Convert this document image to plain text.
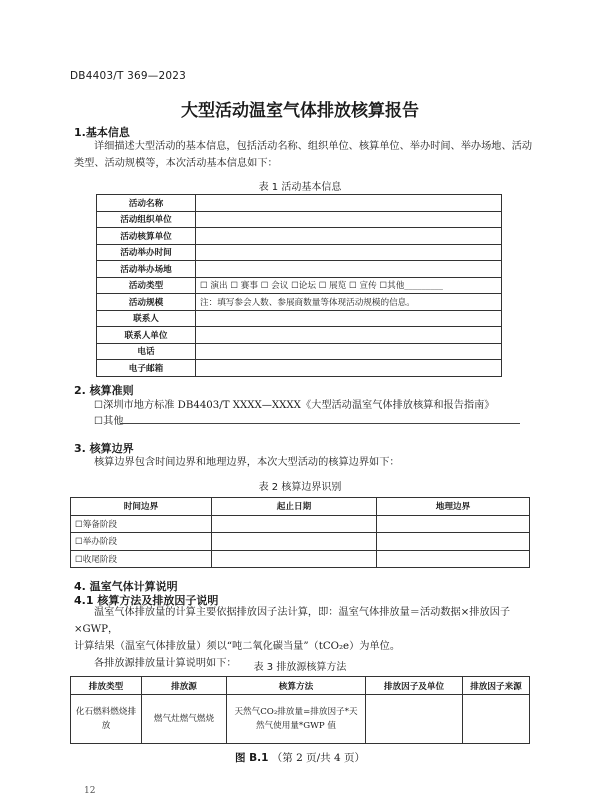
DB4403/T 369—2023
大型活动温室气体排放核算报告
1.基本信息
详细描述大型活动的基本信息，包括活动名称、组织单位、核算单位、举办时间、举办场地、活动
类型、活动规模等，本次活动基本信息如下：
表 1 活动基本信息
活动名称	
活动组织单位	
活动核算单位	
活动举办时间	
活动举办场地	
活动类型	☐ 演出 ☐ 赛事 ☐ 会议 ☐论坛 ☐ 展览 ☐ 宣传 ☐其他_________
活动规模	注：填写参会人数、参展商数量等体现活动规模的信息。
联系人	
联系人单位	
电话	
电子邮箱	
2. 核算准则
☐深圳市地方标准 DB4403/T XXXX—XXXX《大型活动温室气体排放核算和报告指南》
☐其他
3. 核算边界
核算边界包含时间边界和地理边界，本次大型活动的核算边界如下：
表 2 核算边界识别
时间边界	起止日期	地理边界
☐筹备阶段		
☐举办阶段		
☐收尾阶段		
4. 温室气体计算说明
4.1 核算方法及排放因子说明
温室气体排放量的计算主要依据排放因子法计算，即：温室气体排放量＝活动数据×排放因子×GWP，
计算结果（温室气体排放量）须以“吨二氧化碳当量”（tCO₂e）为单位。
各排放源排放量计算说明如下：	表 3 排放源核算方法
排放类型	排放源	核算方法	排放因子及单位	排放因子来源
化石燃料燃烧排放	燃气灶燃气燃烧	天然气CO₂排放量=排放因子*天然气使用量*GWP 值		
图 B.1 （第 2 页/共 4 页）
12
